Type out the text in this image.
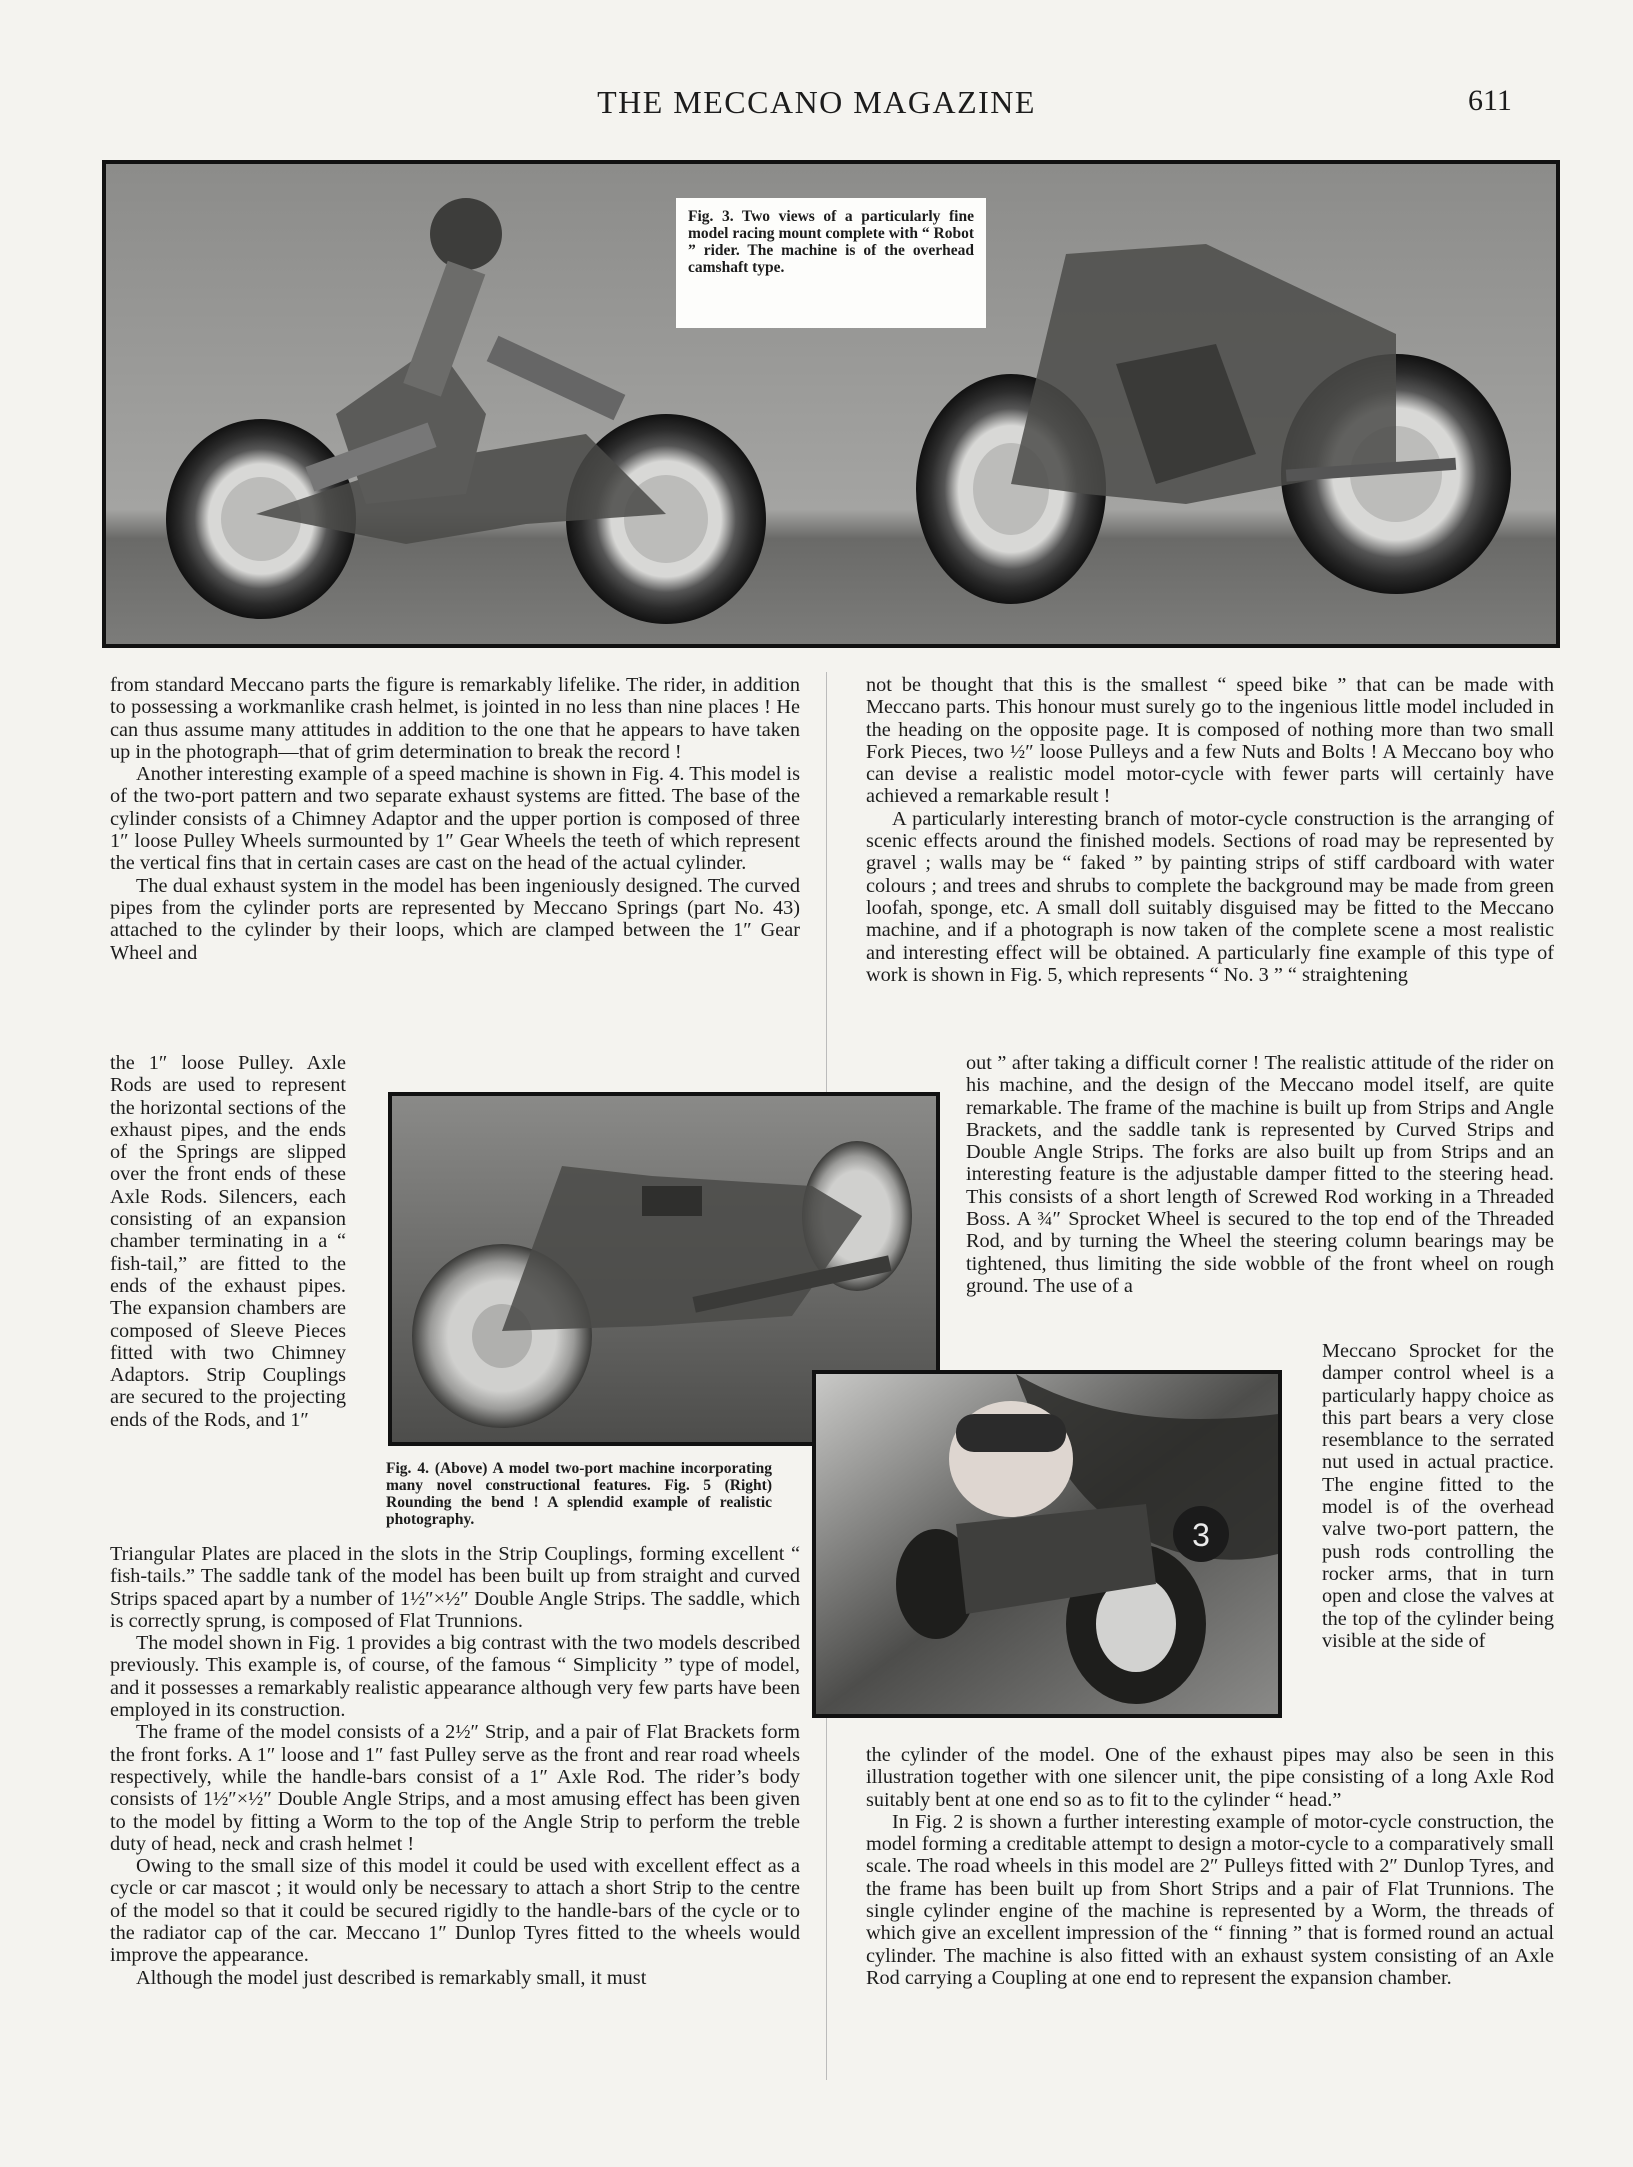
THE MECCANO MAGAZINE	611
Fig. 3. Two views of a particularly fine model racing mount complete with “ Robot ” rider. The machine is of the overhead camshaft type.

from standard Meccano parts the figure is remarkably lifelike. The rider, in addition to possessing a workmanlike crash helmet, is jointed in no less than nine places ! He can thus assume many attitudes in addition to the one that he appears to have taken up in the photograph—that of grim determination to break the record !

Another interesting example of a speed machine is shown in Fig. 4. This model is of the two-port pattern and two separate exhaust systems are fitted. The base of the cylinder consists of a Chimney Adaptor and the upper portion is composed of three 1″ loose Pulley Wheels surmounted by 1″ Gear Wheels the teeth of which represent the vertical fins that in certain cases are cast on the head of the actual cylinder.

The dual exhaust system in the model has been ingeniously designed. The curved pipes from the cylinder ports are represented by Meccano Springs (part No. 43) attached to the cylinder by their loops, which are clamped between the 1″ Gear Wheel and

the 1″ loose Pulley. Axle Rods are used to represent the horizontal sections of the exhaust pipes, and the ends of the Springs are slipped over the front ends of these Axle Rods. Silencers, each consisting of an expansion chamber terminating in a “ fish-tail,” are fitted to the ends of the exhaust pipes. The expansion chambers are composed of Sleeve Pieces fitted with two Chimney Adaptors. Strip Couplings are secured to the projecting ends of the Rods, and 1″
Fig. 4. (Above) A model two-port machine incorporating many novel constructional features. Fig. 5 (Right) Rounding the bend ! A splendid example of realistic photography.

Triangular Plates are placed in the slots in the Strip Couplings, forming excellent “ fish-tails.” The saddle tank of the model has been built up from straight and curved Strips spaced apart by a number of 1½″×½″ Double Angle Strips. The saddle, which is correctly sprung, is composed of Flat Trunnions.

The model shown in Fig. 1 provides a big contrast with the two models described previously. This example is, of course, of the famous “ Simplicity ” type of model, and it possesses a remarkably realistic appearance although very few parts have been employed in its construction.

The frame of the model consists of a 2½″ Strip, and a pair of Flat Brackets form the front forks. A 1″ loose and 1″ fast Pulley serve as the front and rear road wheels respectively, while the handle-bars consist of a 1″ Axle Rod. The rider’s body consists of 1½″×½″ Double Angle Strips, and a most amusing effect has been given to the model by fitting a Worm to the top of the Angle Strip to perform the treble duty of head, neck and crash helmet !

Owing to the small size of this model it could be used with excellent effect as a cycle or car mascot ; it would only be necessary to attach a short Strip to the centre of the model so that it could be secured rigidly to the handle-bars of the cycle or to the radiator cap of the car. Meccano 1″ Dunlop Tyres fitted to the wheels would improve the appearance.

Although the model just described is remarkably small, it must

not be thought that this is the smallest “ speed bike ” that can be made with Meccano parts. This honour must surely go to the ingenious little model included in the heading on the opposite page. It is composed of nothing more than two small Fork Pieces, two ½″ loose Pulleys and a few Nuts and Bolts ! A Meccano boy who can devise a realistic model motor-cycle with fewer parts will certainly have achieved a remarkable result !

A particularly interesting branch of motor-cycle construction is the arranging of scenic effects around the finished models. Sections of road may be represented by gravel ; walls may be “ faked ” by painting strips of stiff cardboard with water colours ; and trees and shrubs to complete the background may be made from green loofah, sponge, etc. A small doll suitably disguised may be fitted to the Meccano machine, and if a photograph is now taken of the complete scene a most realistic and interesting effect will be obtained. A particularly fine example of this type of work is shown in Fig. 5, which represents “ No. 3 ” “ straightening

out ” after taking a difficult corner ! The realistic attitude of the rider on his machine, and the design of the Meccano model itself, are quite remarkable. The frame of the machine is built up from Strips and Angle Brackets, and the saddle tank is represented by Curved Strips and Double Angle Strips. The forks are also built up from Strips and an interesting feature is the adjustable damper fitted to the steering head. This consists of a short length of Screwed Rod working in a Threaded Boss. A ¾″ Sprocket Wheel is secured to the top end of the Threaded Rod, and by turning the Wheel the steering column bearings may be tightened, thus limiting the side wobble of the front wheel on rough ground. The use of a
3
Meccano Sprocket for the damper control wheel is a particularly happy choice as this part bears a very close resemblance to the serrated nut used in actual practice. The engine fitted to the model is of the overhead valve two-port pattern, the push rods controlling the rocker arms, that in turn open and close the valves at the top of the cylinder being visible at the side of

the cylinder of the model. One of the exhaust pipes may also be seen in this illustration together with one silencer unit, the pipe consisting of a long Axle Rod suitably bent at one end so as to fit to the cylinder “ head.”

In Fig. 2 is shown a further interesting example of motor-cycle construction, the model forming a creditable attempt to design a motor-cycle to a comparatively small scale. The road wheels in this model are 2″ Pulleys fitted with 2″ Dunlop Tyres, and the frame has been built up from Short Strips and a pair of Flat Trunnions. The single cylinder engine of the machine is represented by a Worm, the threads of which give an excellent impression of the “ finning ” that is formed round an actual cylinder. The machine is also fitted with an exhaust system consisting of an Axle Rod carrying a Coupling at one end to represent the expansion chamber.
